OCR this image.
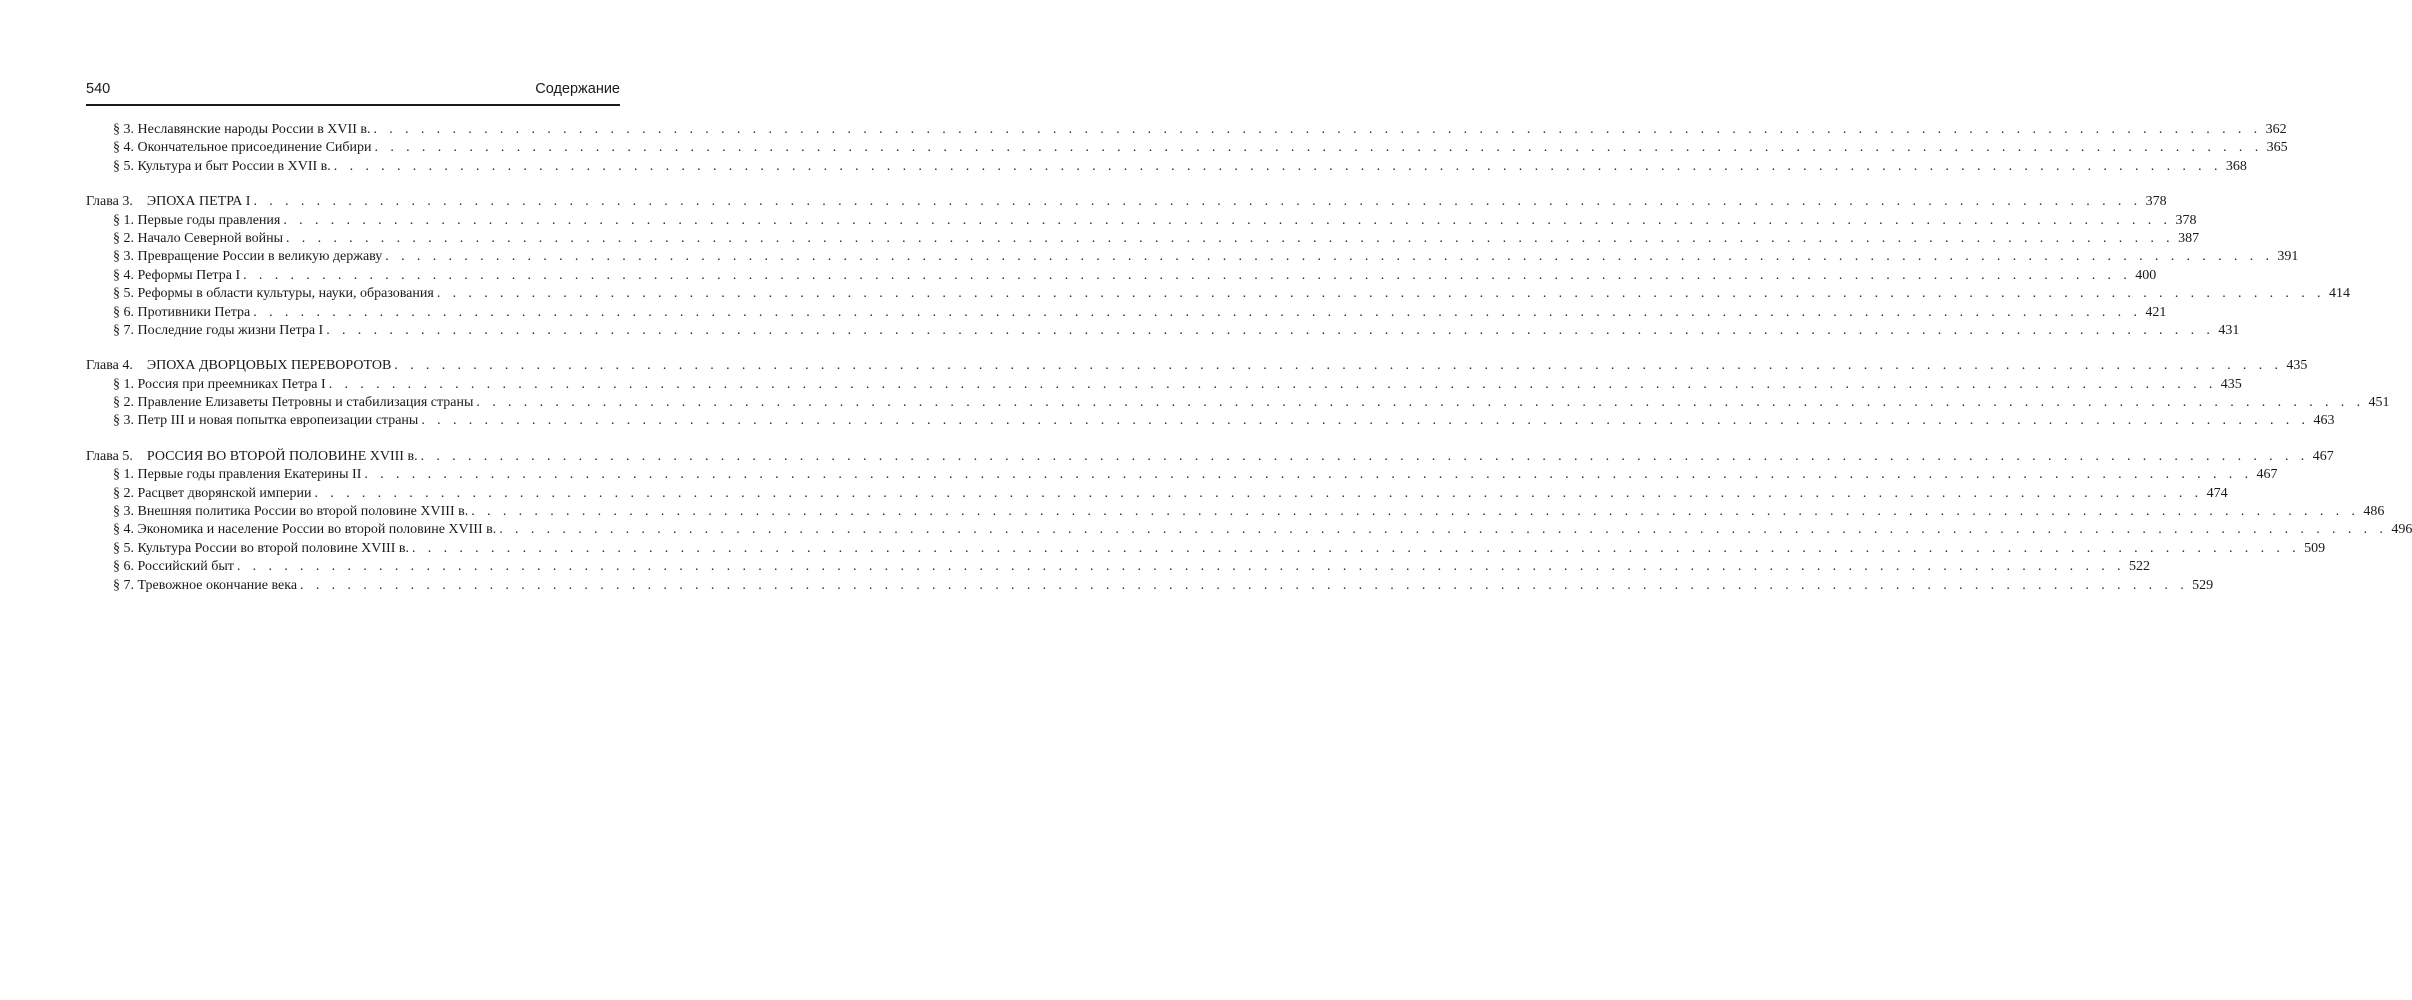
540	Содержание
§ 3. Неславянские народы России в XVII в. . . . . . . . . . . . . . . . . . . . . . . . . . . . . . . . . . . . . . . . . . . . . . . . . . . . . . . . . . . . . . . . . . . . . . . . . . . . . . . . . . . . . . . . . . . . . . . . . . . . . . . . . . . . . . . . . . . . . . . . . 362
§ 4. Окончательное присоединение Сибири . . . . . . . . . . . . . . . . . . . . . . . . . . . . . . . . . . . . . . . . . . . . . . . . . . . . . . . . . . . . . . . . . . . . . . . . . . . . . . . . . . . . . . . . . . . . . . . . . . . . . . . . . . . . . . . . . . . . . . . . 365
§ 5. Культура и быт России в XVII в. . . . . . . . . . . . . . . . . . . . . . . . . . . . . . . . . . . . . . . . . . . . . . . . . . . . . . . . . . . . . . . . . . . . . . . . . . . . . . . . . . . . . . . . . . . . . . . . . . . . . . . . . . . . . . . . . . . . . . . . . 368
Глава 3. ЭПОХА ПЕТРА I . . . . . . . . . . . . . . . . . . . . . . . . . . . . . . . . . . . . . . . . . . . . . . . . . . . . . . . . . . . . . . . . . . . . . . . . . . . . . . . . . . . . . . . . . . . . . . . . . . . . . . . . . . . . . . . . . . . . . . . . 378
§ 1. Первые годы правления . . . . . . . . . . . . . . . . . . . . . . . . . . . . . . . . . . . . . . . . . . . . . . . . . . . . . . . . . . . . . . . . . . . . . . . . . . . . . . . . . . . . . . . . . . . . . . . . . . . . . . . . . . . . . . . . . . . . . . . . 378
§ 2. Начало Северной войны . . . . . . . . . . . . . . . . . . . . . . . . . . . . . . . . . . . . . . . . . . . . . . . . . . . . . . . . . . . . . . . . . . . . . . . . . . . . . . . . . . . . . . . . . . . . . . . . . . . . . . . . . . . . . . . . . . . . . . . . 387
§ 3. Превращение России в великую державу . . . . . . . . . . . . . . . . . . . . . . . . . . . . . . . . . . . . . . . . . . . . . . . . . . . . . . . . . . . . . . . . . . . . . . . . . . . . . . . . . . . . . . . . . . . . . . . . . . . . . . . . . . . . . . . . . . . . . . . . 391
§ 4. Реформы Петра I . . . . . . . . . . . . . . . . . . . . . . . . . . . . . . . . . . . . . . . . . . . . . . . . . . . . . . . . . . . . . . . . . . . . . . . . . . . . . . . . . . . . . . . . . . . . . . . . . . . . . . . . . . . . . . . . . . . . . . . . 400
§ 5. Реформы в области культуры, науки, образования . . . . . . . . . . . . . . . . . . . . . . . . . . . . . . . . . . . . . . . . . . . . . . . . . . . . . . . . . . . . . . . . . . . . . . . . . . . . . . . . . . . . . . . . . . . . . . . . . . . . . . . . . . . . . . . . . . . . . . . . 414
§ 6. Противники Петра . . . . . . . . . . . . . . . . . . . . . . . . . . . . . . . . . . . . . . . . . . . . . . . . . . . . . . . . . . . . . . . . . . . . . . . . . . . . . . . . . . . . . . . . . . . . . . . . . . . . . . . . . . . . . . . . . . . . . . . . 421
§ 7. Последние годы жизни Петра I . . . . . . . . . . . . . . . . . . . . . . . . . . . . . . . . . . . . . . . . . . . . . . . . . . . . . . . . . . . . . . . . . . . . . . . . . . . . . . . . . . . . . . . . . . . . . . . . . . . . . . . . . . . . . . . . . . . . . . . . 431
Глава 4. ЭПОХА ДВОРЦОВЫХ ПЕРЕВОРОТОВ . . . . . . . . . . . . . . . . . . . . . . . . . . . . . . . . . . . . . . . . . . . . . . . . . . . . . . . . . . . . . . . . . . . . . . . . . . . . . . . . . . . . . . . . . . . . . . . . . . . . . . . . . . . . . . . . . . . . . . . . 435
§ 1. Россия при преемниках Петра I . . . . . . . . . . . . . . . . . . . . . . . . . . . . . . . . . . . . . . . . . . . . . . . . . . . . . . . . . . . . . . . . . . . . . . . . . . . . . . . . . . . . . . . . . . . . . . . . . . . . . . . . . . . . . . . . . . . . . . . . 435
§ 2. Правление Елизаветы Петровны и стабилизация страны . . . . . . . . . . . . . . . . . . . . . . . . . . . . . . . . . . . . . . . . . . . . . . . . . . . . . . . . . . . . . . . . . . . . . . . . . . . . . . . . . . . . . . . . . . . . . . . . . . . . . . . . . . . . . . . . . . . . . . . . 451
§ 3. Петр III и новая попытка европеизации страны . . . . . . . . . . . . . . . . . . . . . . . . . . . . . . . . . . . . . . . . . . . . . . . . . . . . . . . . . . . . . . . . . . . . . . . . . . . . . . . . . . . . . . . . . . . . . . . . . . . . . . . . . . . . . . . . . . . . . . . . 463
Глава 5. РОССИЯ ВО ВТОРОЙ ПОЛОВИНЕ XVIII в. . . . . . . . . . . . . . . . . . . . . . . . . . . . . . . . . . . . . . . . . . . . . . . . . . . . . . . . . . . . . . . . . . . . . . . . . . . . . . . . . . . . . . . . . . . . . . . . . . . . . . . . . . . . . . . . . . . . . . . . . 467
§ 1. Первые годы правления Екатерины II . . . . . . . . . . . . . . . . . . . . . . . . . . . . . . . . . . . . . . . . . . . . . . . . . . . . . . . . . . . . . . . . . . . . . . . . . . . . . . . . . . . . . . . . . . . . . . . . . . . . . . . . . . . . . . . . . . . . . . . . 467
§ 2. Расцвет дворянской империи . . . . . . . . . . . . . . . . . . . . . . . . . . . . . . . . . . . . . . . . . . . . . . . . . . . . . . . . . . . . . . . . . . . . . . . . . . . . . . . . . . . . . . . . . . . . . . . . . . . . . . . . . . . . . . . . . . . . . . . . 474
§ 3. Внешняя политика России во второй половине XVIII в. . . . . . . . . . . . . . . . . . . . . . . . . . . . . . . . . . . . . . . . . . . . . . . . . . . . . . . . . . . . . . . . . . . . . . . . . . . . . . . . . . . . . . . . . . . . . . . . . . . . . . . . . . . . . . . . . . . . . . . . . 486
§ 4. Экономика и население России во второй половине XVIII в. . . . . . . . . . . . . . . . . . . . . . . . . . . . . . . . . . . . . . . . . . . . . . . . . . . . . . . . . . . . . . . . . . . . . . . . . . . . . . . . . . . . . . . . . . . . . . . . . . . . . . . . . . . . . . . . . . . . . . . . . 496
§ 5. Культура России во второй половине XVIII в. . . . . . . . . . . . . . . . . . . . . . . . . . . . . . . . . . . . . . . . . . . . . . . . . . . . . . . . . . . . . . . . . . . . . . . . . . . . . . . . . . . . . . . . . . . . . . . . . . . . . . . . . . . . . . . . . . . . . . . . . 509
§ 6. Российский быт . . . . . . . . . . . . . . . . . . . . . . . . . . . . . . . . . . . . . . . . . . . . . . . . . . . . . . . . . . . . . . . . . . . . . . . . . . . . . . . . . . . . . . . . . . . . . . . . . . . . . . . . . . . . . . . . . . . . . . . . 522
§ 7. Тревожное окончание века . . . . . . . . . . . . . . . . . . . . . . . . . . . . . . . . . . . . . . . . . . . . . . . . . . . . . . . . . . . . . . . . . . . . . . . . . . . . . . . . . . . . . . . . . . . . . . . . . . . . . . . . . . . . . . . . . . . . . . . . 529
